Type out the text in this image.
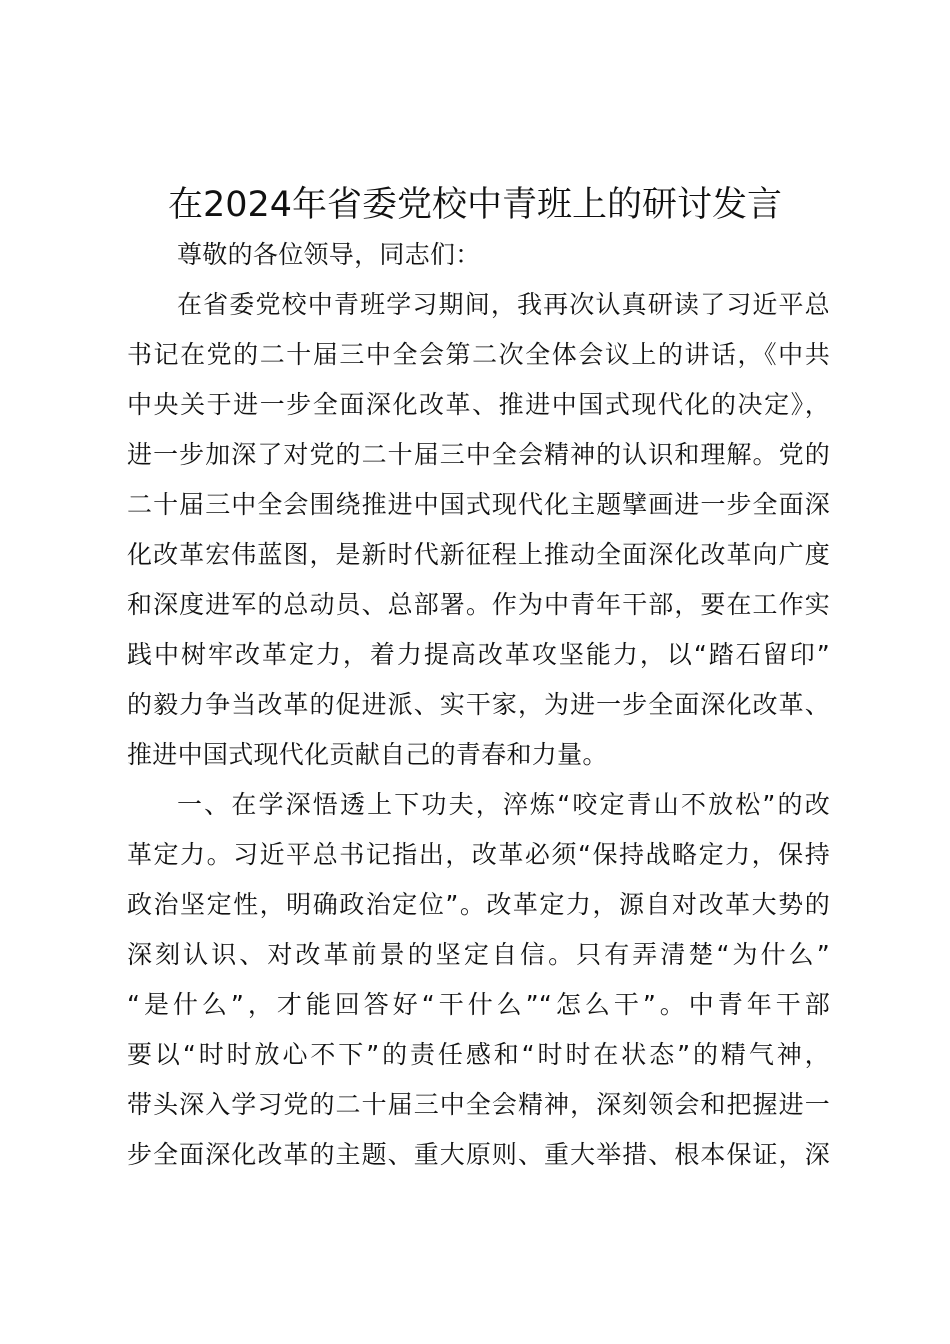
在2024年省委党校中青班上的研讨发言
尊敬的各位领导，同志们：
在省委党校中青班学习期间，我再次认真研读了习近平总
书记在党的二十届三中全会第二次全体会议上的讲话，《中共
中央关于进一步全面深化改革、推进中国式现代化的决定》，
进一步加深了对党的二十届三中全会精神的认识和理解。党的
二十届三中全会围绕推进中国式现代化主题擘画进一步全面深
化改革宏伟蓝图，是新时代新征程上推动全面深化改革向广度
和深度进军的总动员、总部署。作为中青年干部，要在工作实
践中树牢改革定力，着力提高改革攻坚能力，以“踏石留印”
的毅力争当改革的促进派、实干家，为进一步全面深化改革、
推进中国式现代化贡献自己的青春和力量。
一、在学深悟透上下功夫，淬炼“咬定青山不放松”的改
革定力。习近平总书记指出，改革必须“保持战略定力，保持
政治坚定性，明确政治定位”。改革定力，源自对改革大势的
深刻认识、对改革前景的坚定自信。只有弄清楚“为什么”
“是什么”，才能回答好“干什么”“怎么干”。中青年干部
要以“时时放心不下”的责任感和“时时在状态”的精气神，
带头深入学习党的二十届三中全会精神，深刻领会和把握进一
步全面深化改革的主题、重大原则、重大举措、根本保证，深
